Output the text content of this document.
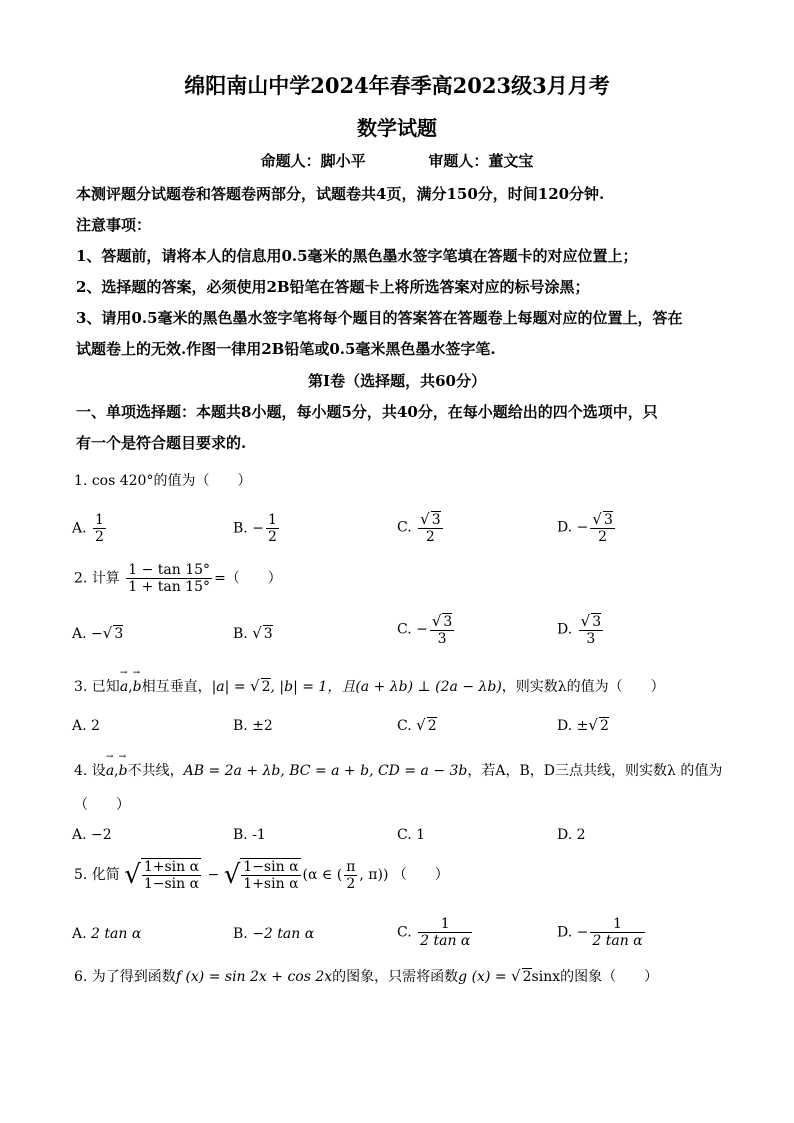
绵阳南山中学2024年春季高2023级3月月考
数学试题
命题人：脚小平            审题人：董文宝
本测评题分试题卷和答题卷两部分，试题卷共4页，满分150分，时间120分钟.
注意事项：
1、答题前，请将本人的信息用0.5毫米的黑色墨水签字笔填在答题卡的对应位置上；
2、选择题的答案，必须使用2B铅笔在答题卡上将所选答案对应的标号涂黑；
3、请用0.5毫米的黑色墨水签字笔将每个题目的答案答在答题卷上每题对应的位置上，答在
试题卷上的无效.作图一律用2B铅笔或0.5毫米黑色墨水签字笔.
第Ⅰ卷（选择题，共60分）
一、单项选择题：本题共8小题，每小题5分，共40分，在每小题给出的四个选项中，只
有一个是符合题目要求的.
1. cos 420°的值为（　　）
A. $\frac{1}{2}$	B. − $\frac{1}{2}$	C. $\frac{√ 3}{2}$	D. − $\frac{√ 3}{2}$
2. 计算 $\frac{1 - \tan 15^\circ}{1 + \tan 15^\circ}$ =（　　）
A. −√ 3	B. √ 3	C. − $\frac{√ 3}{3}$	D. $\frac{√ 3}{3}$
3. 已知→ a,→ b相互垂直，|a| = √ 2, |b| = 1，且(a + λb) ⊥ (2a − λb)，则实数λ的值为（　　）
A. 2	B. ±2	C. √ 2	D. ±√ 2
4. 设→ a,→ b不共线，AB = 2a + λb, BC = a + b, CD = a − 3b，若A，B，D三点共线，则实数λ 的值为
（　　）
A. −2	B. -1	C. 1	D. 2
5. 化简 √ $\frac{\text{1+sin α}}{\text{1−sin α}}$ − √ $\frac{\text{1−sin α}}{\text{1+sin α}} (\alpha$ ∈ ( $\frac{\pi}{2}$ , π)) （　　）
A. 2 tan α	B. −2 tan α	C. $\frac{1}{\text{2 tan α}}$	D. − $\frac{1}{\text{2 tan α}}$
6. 为了得到函数f (x) = sin 2x + cos 2x的图象，只需将函数g (x) = √ 2sinx的图象（　　）
